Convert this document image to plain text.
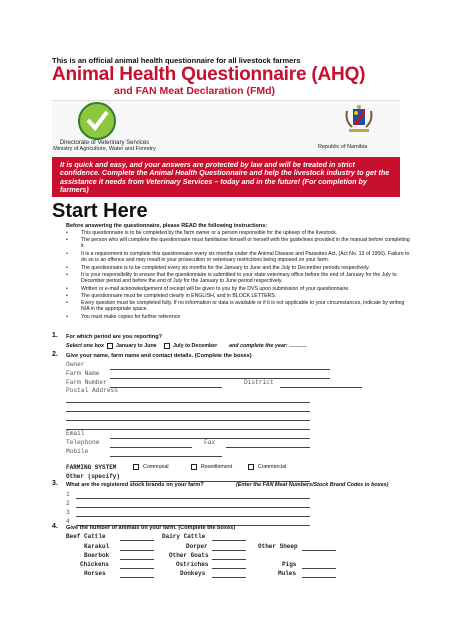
This is an official animal health questionnaire for all livestock farmers
Animal Health Questionnaire (AHQ)
and FAN Meat Declaration (FMd)
Directorate of Veterinary Services
Ministry of Agriculture, Water and Forestry	Republic of Namibia
It is quick and easy, and your answers are protected by law and will be treated in strict confidence. Complete the Animal Health Questionnaire and help the livestock industry to get the assistance it needs from Veterinary Services – today and in the future! (For completion by farmers)
Start Here
Before answering the questionnaire, please READ the following instructions:
•	This questionnaire is to be completed by the farm owner or a person responsible for the upkeep of the livestock.
•	The person who will complete the questionnaire must familiarise himself or herself with the guidelines provided in the manual before completing it.
•	It is a requirement to complete this questionnaire every six months under the Animal Disease and Parasites Act, (Act No. 13 of 1956). Failure to do so is an offence and may result in your prosecution or veterinary restrictions being imposed on your farm.
•	The questionnaire is to be completed every six months for the January to June and the July to December periods respectively.
•	It is your responsibility to ensure that the questionnaire is submitted to your state veterinary office before the end of January for the July to December period and before the end of July for the January to June period respectively.
•	Written or e-mail acknowledgement of receipt will be given to you by the DVS upon submission of your questionnaire.
•	The questionnaire must be completed clearly in ENGLISH, and in BLOCK LETTERS.
•	Every question must be completed fully. If no information or data is available or if it is not applicable to your circumstances, indicate by writing N/A in the appropriate space.
•	You must make copies for further reference
1. For which period are you reporting?
Select one box January to June	July to December and complete the year: ______
2. Give your name, farm name and contact details. (Complete the boxes)
Owner
Farm Name
Farm Number	District
Postal Address
Email
Telephone	Fax
Mobile
FARMING SYSTEM	Communal	Resettlement	Commercial
Other (specify)
3. What are the registered stock brands on your farm?	(Enter the FAN Meat Numbers/Stock Brand Codes in boxes)
1
2
3
4
4. Give the number of animals on your farm. (Complete the boxes)
Beef Cattle	Dairy Cattle
Karakul	Dorper	Other Sheep
Boerbok	Other Goats
Chickens	Ostriches	Pigs
Horses	Donkeys	Mules
